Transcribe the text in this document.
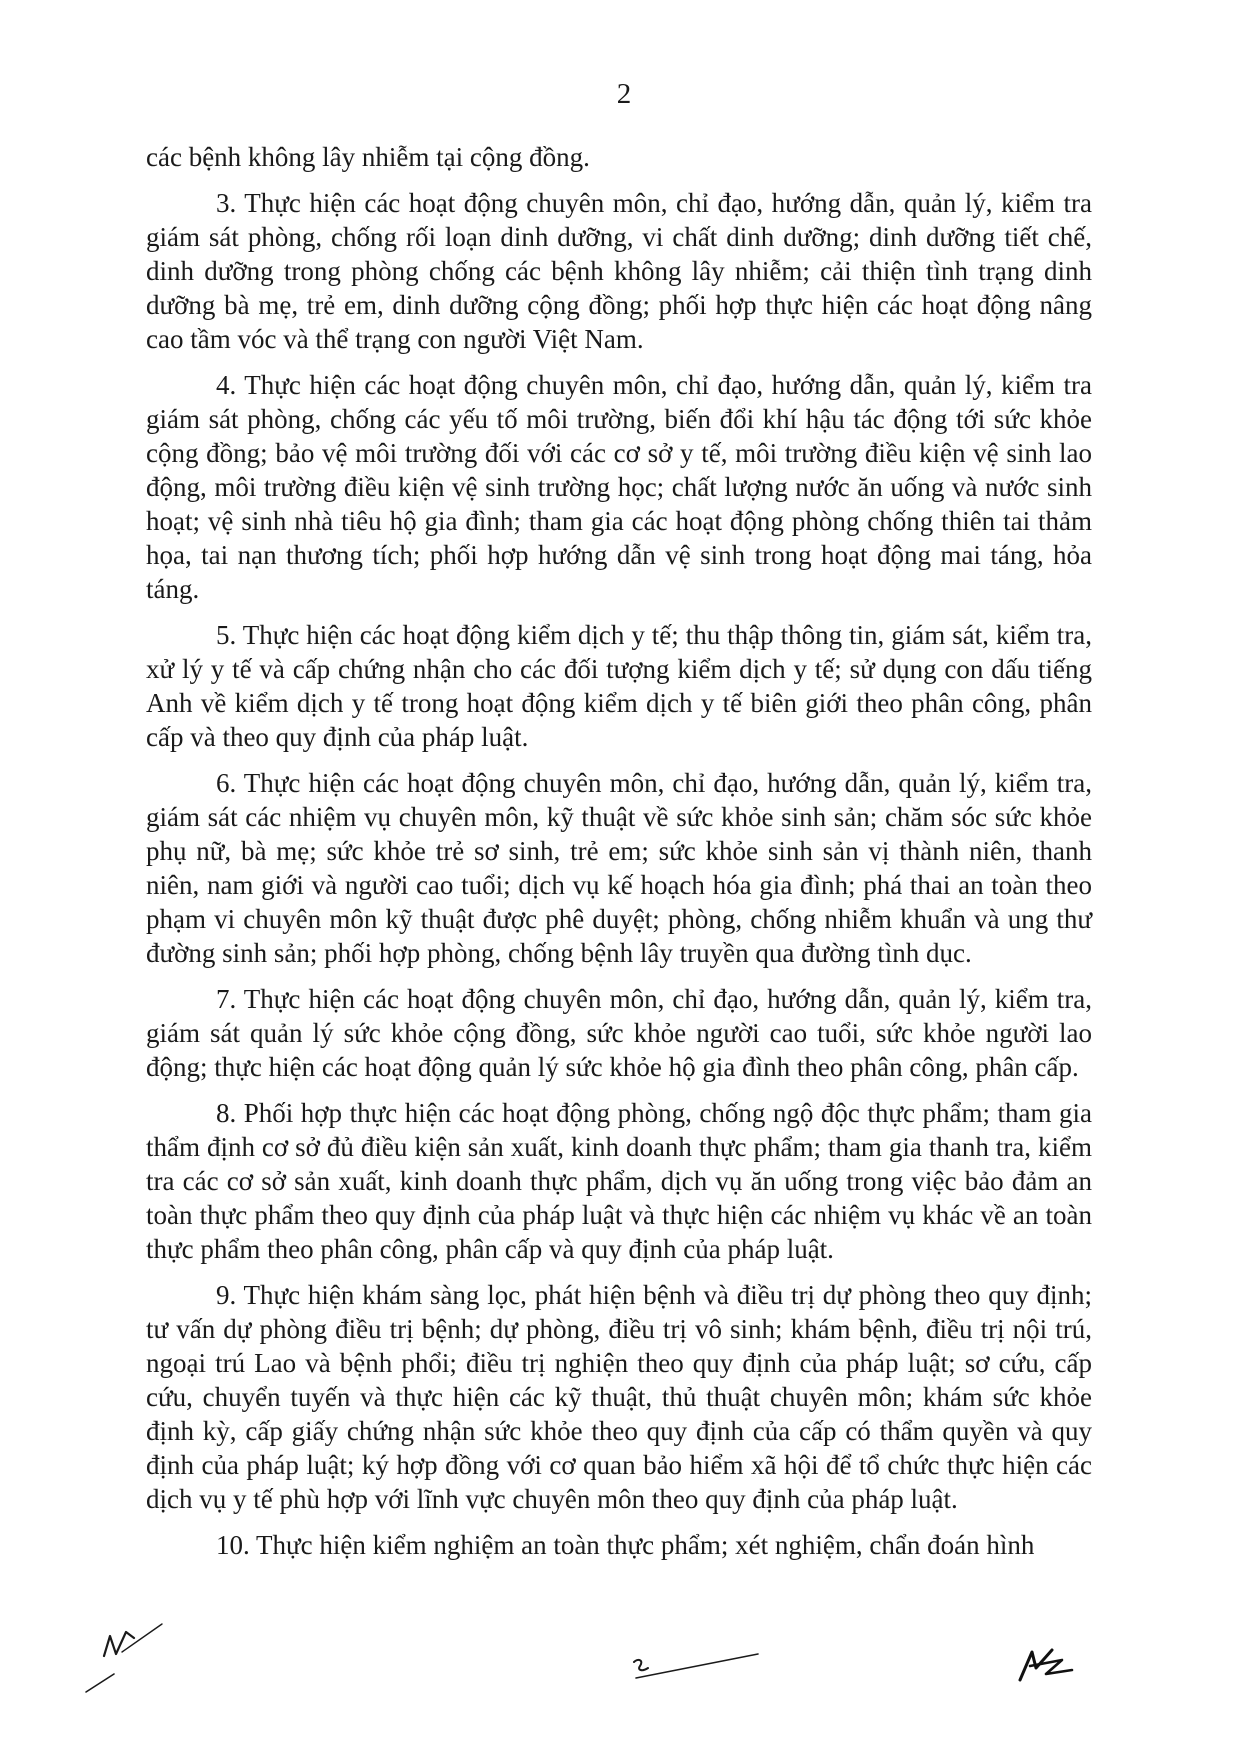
2

các bệnh không lây nhiễm tại cộng đồng.

3. Thực hiện các hoạt động chuyên môn, chỉ đạo, hướng dẫn, quản lý, kiểm tra giám sát phòng, chống rối loạn dinh dưỡng, vi chất dinh dưỡng; dinh dưỡng tiết chế, dinh dưỡng trong phòng chống các bệnh không lây nhiễm; cải thiện tình trạng dinh dưỡng bà mẹ, trẻ em, dinh dưỡng cộng đồng; phối hợp thực hiện các hoạt động nâng cao tầm vóc và thể trạng con người Việt Nam.

4. Thực hiện các hoạt động chuyên môn, chỉ đạo, hướng dẫn, quản lý, kiểm tra giám sát phòng, chống các yếu tố môi trường, biến đổi khí hậu tác động tới sức khỏe cộng đồng; bảo vệ môi trường đối với các cơ sở y tế, môi trường điều kiện vệ sinh lao động, môi trường điều kiện vệ sinh trường học; chất lượng nước ăn uống và nước sinh hoạt; vệ sinh nhà tiêu hộ gia đình; tham gia các hoạt động phòng chống thiên tai thảm họa, tai nạn thương tích; phối hợp hướng dẫn vệ sinh trong hoạt động mai táng, hỏa táng.

5. Thực hiện các hoạt động kiểm dịch y tế; thu thập thông tin, giám sát, kiểm tra, xử lý y tế và cấp chứng nhận cho các đối tượng kiểm dịch y tế; sử dụng con dấu tiếng Anh về kiểm dịch y tế trong hoạt động kiểm dịch y tế biên giới theo phân công, phân cấp và theo quy định của pháp luật.

6. Thực hiện các hoạt động chuyên môn, chỉ đạo, hướng dẫn, quản lý, kiểm tra, giám sát các nhiệm vụ chuyên môn, kỹ thuật về sức khỏe sinh sản; chăm sóc sức khỏe phụ nữ, bà mẹ; sức khỏe trẻ sơ sinh, trẻ em; sức khỏe sinh sản vị thành niên, thanh niên, nam giới và người cao tuổi; dịch vụ kế hoạch hóa gia đình; phá thai an toàn theo phạm vi chuyên môn kỹ thuật được phê duyệt; phòng, chống nhiễm khuẩn và ung thư đường sinh sản; phối hợp phòng, chống bệnh lây truyền qua đường tình dục.

7. Thực hiện các hoạt động chuyên môn, chỉ đạo, hướng dẫn, quản lý, kiểm tra, giám sát quản lý sức khỏe cộng đồng, sức khỏe người cao tuổi, sức khỏe người lao động; thực hiện các hoạt động quản lý sức khỏe hộ gia đình theo phân công, phân cấp.

8. Phối hợp thực hiện các hoạt động phòng, chống ngộ độc thực phẩm; tham gia thẩm định cơ sở đủ điều kiện sản xuất, kinh doanh thực phẩm; tham gia thanh tra, kiểm tra các cơ sở sản xuất, kinh doanh thực phẩm, dịch vụ ăn uống trong việc bảo đảm an toàn thực phẩm theo quy định của pháp luật và thực hiện các nhiệm vụ khác về an toàn thực phẩm theo phân công, phân cấp và quy định của pháp luật.

9. Thực hiện khám sàng lọc, phát hiện bệnh và điều trị dự phòng theo quy định; tư vấn dự phòng điều trị bệnh; dự phòng, điều trị vô sinh; khám bệnh, điều trị nội trú, ngoại trú Lao và bệnh phổi; điều trị nghiện theo quy định của pháp luật; sơ cứu, cấp cứu, chuyển tuyến và thực hiện các kỹ thuật, thủ thuật chuyên môn; khám sức khỏe định kỳ, cấp giấy chứng nhận sức khỏe theo quy định của cấp có thẩm quyền và quy định của pháp luật; ký hợp đồng với cơ quan bảo hiểm xã hội để tổ chức thực hiện các dịch vụ y tế phù hợp với lĩnh vực chuyên môn theo quy định của pháp luật.

10. Thực hiện kiểm nghiệm an toàn thực phẩm; xét nghiệm, chẩn đoán hình
